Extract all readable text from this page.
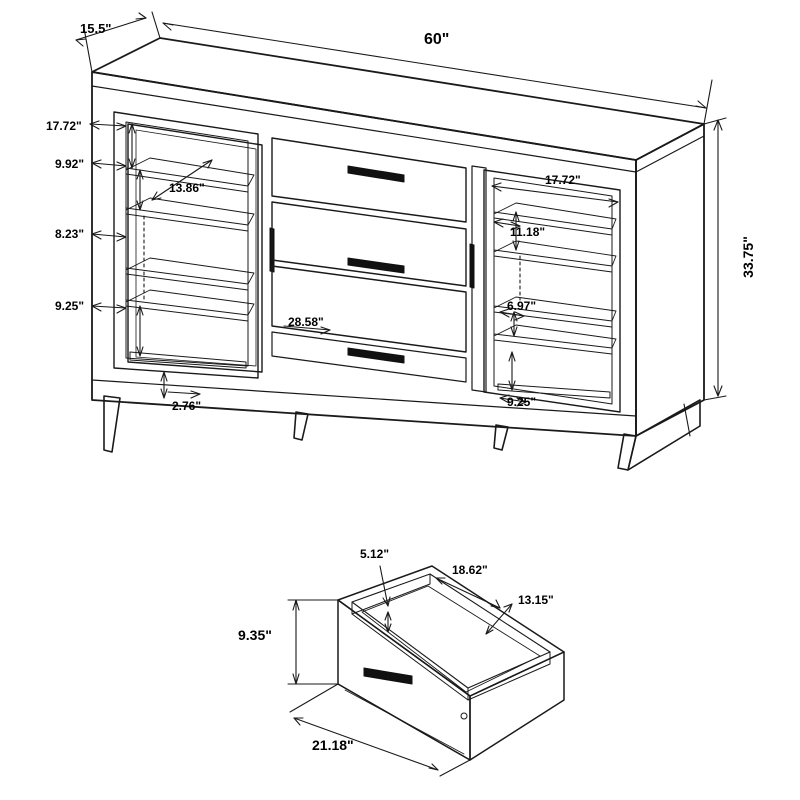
15.5"
60"
33.75"
17.72"
9.92"
13.86"
8.23"
9.25"
2.76"
28.58"
17.72"
11.18"
6.97"
9.25"
5.12"
18.62"
13.15"
9.35"
21.18"
